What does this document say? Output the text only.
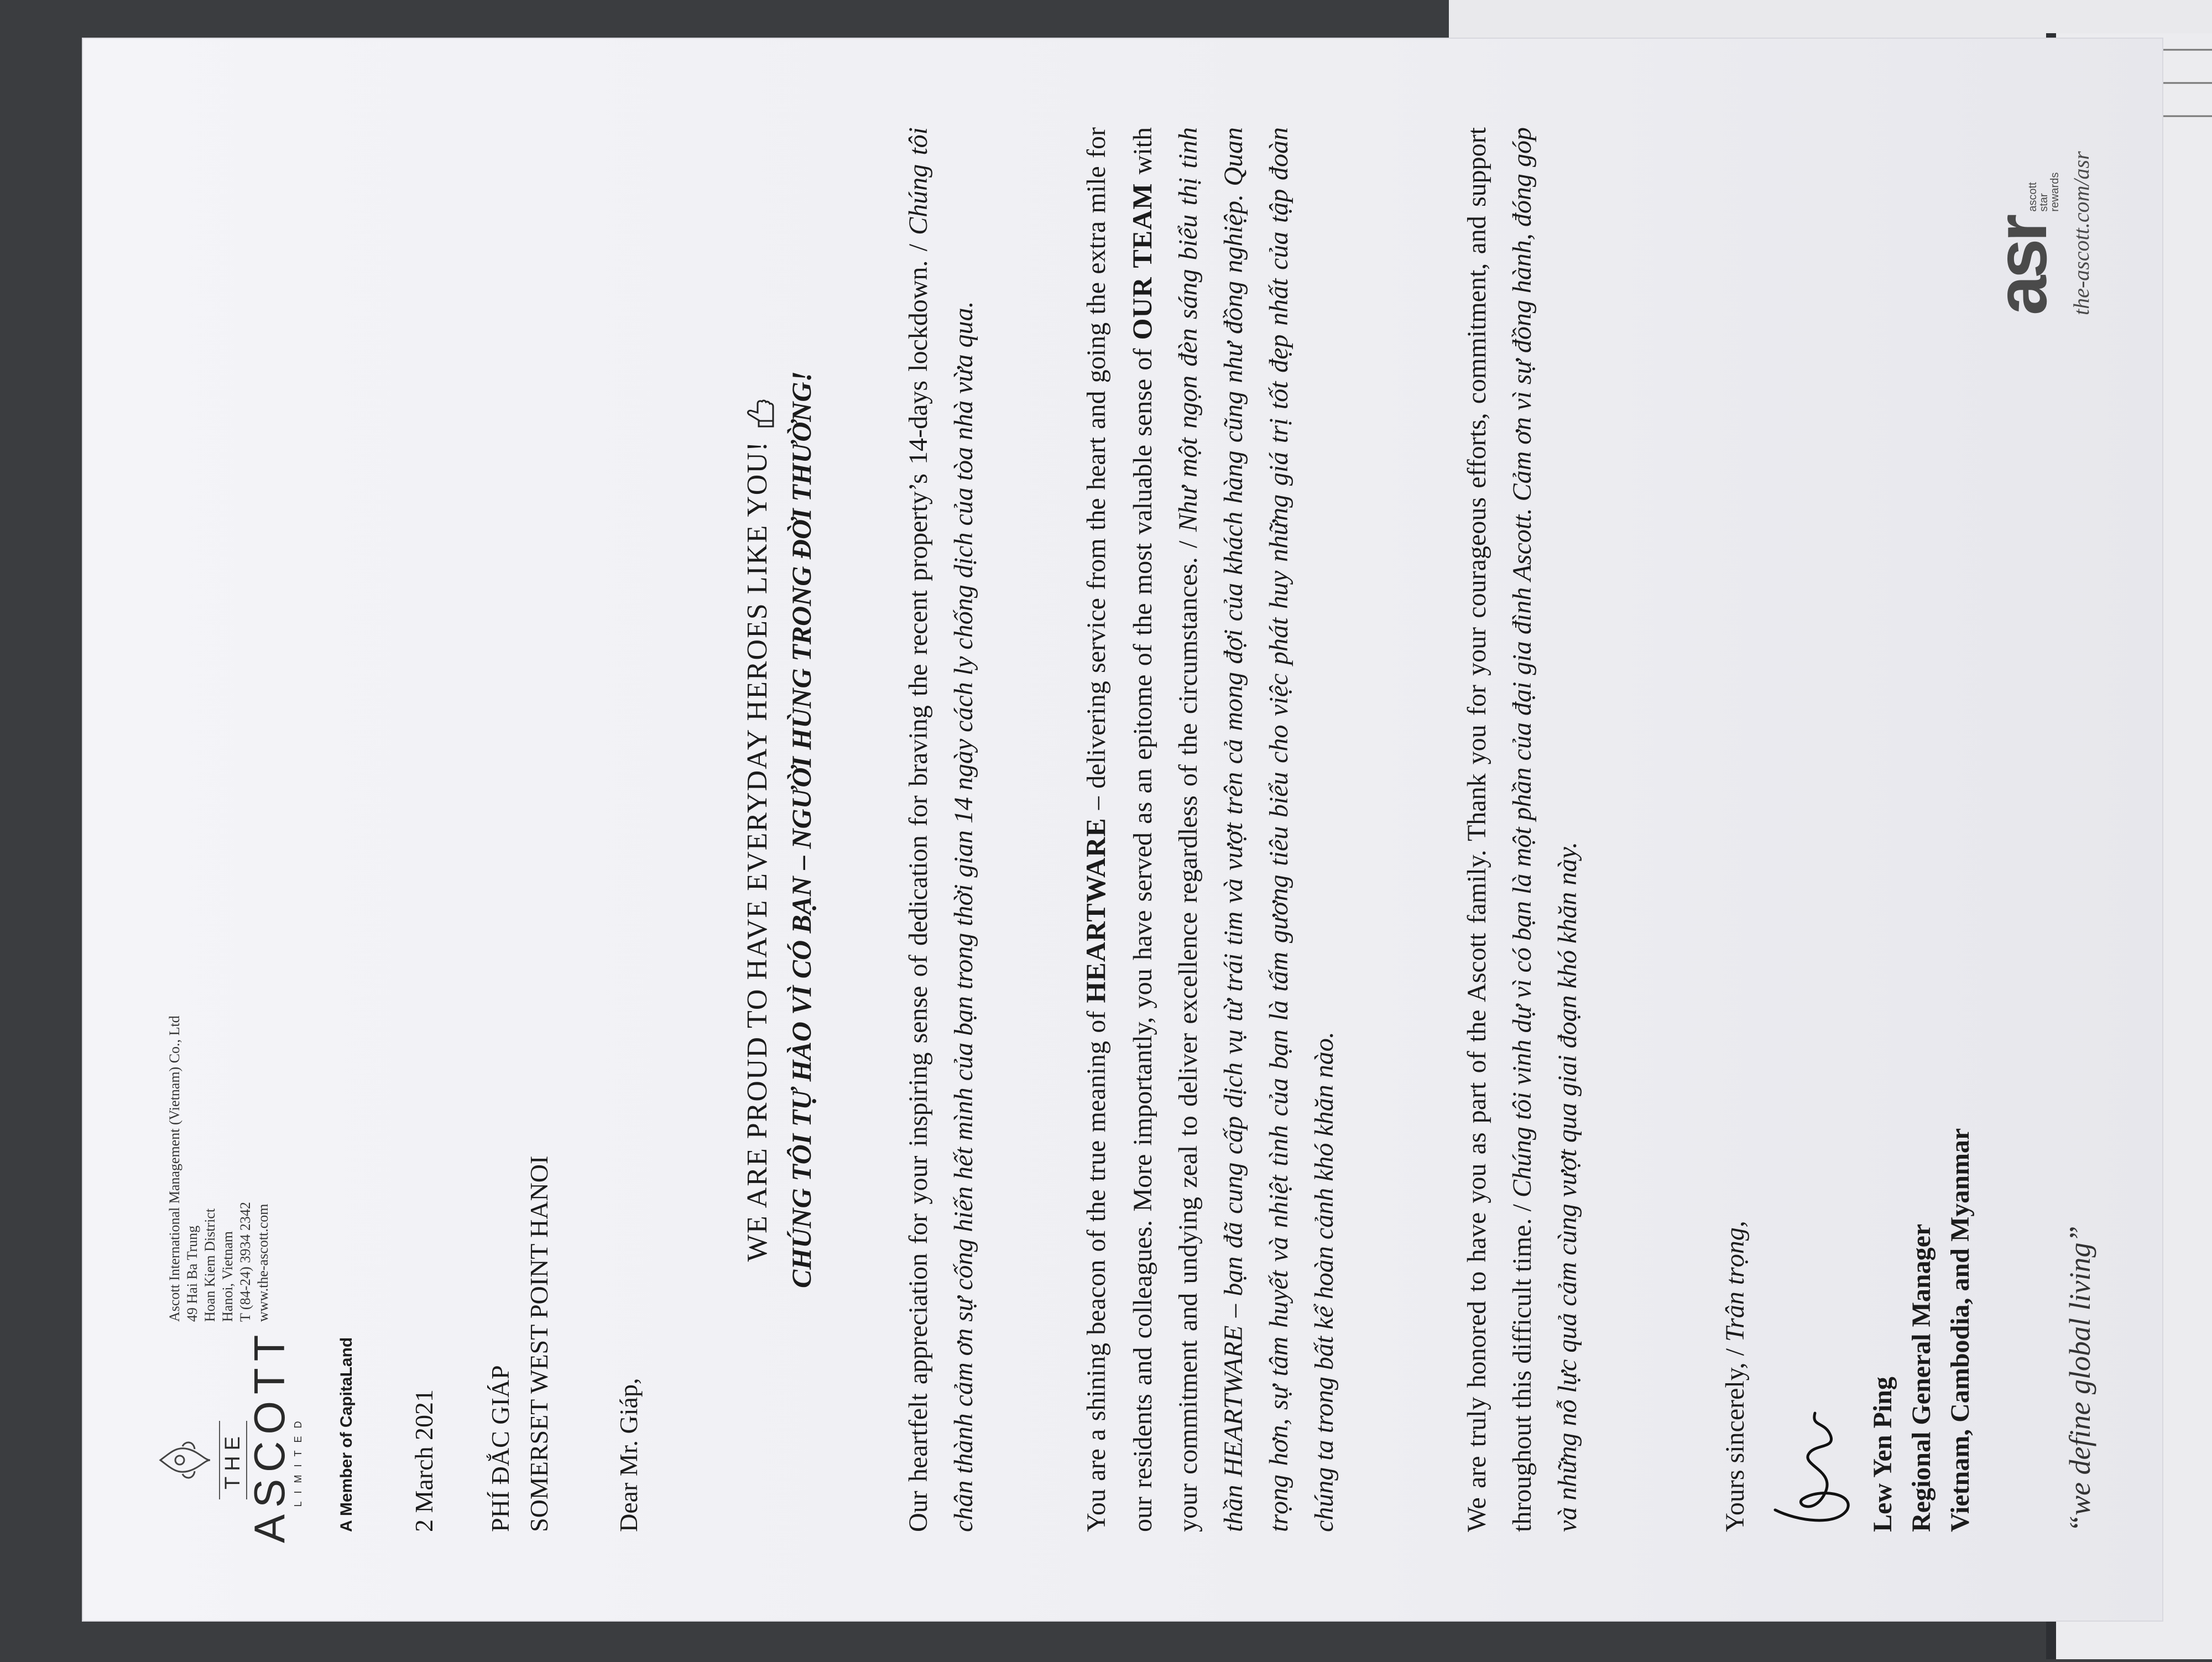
THE ASCOTT
LIMITED A Member of CapitaLand
Ascott International Management (Vietnam) Co., Ltd 49 Hai Ba Trung Hoan Kiem District Hanoi, Vietnam T (84-24) 3934 2342 www.the-ascott.com
2 March 2021 PHÍ ĐẮC GIÁP SOMERSET WEST POINT HANOI Dear Mr. Giáp,
WE ARE PROUD TO HAVE EVERYDAY HEROES LIKE YOU! CHÚNG TÔI TỰ HÀO VÌ CÓ BẠN – NGƯỜI HÙNG TRONG ĐỜI THƯỜNG!	Our heartfelt appreciation for your inspiring sense of dedication for braving the recent property’s 14-days lockdown. / Chúng tôi chân thành cảm ơn sự cống hiến hết mình của bạn trong thời gian 14 ngày cách ly chống dịch của tòa nhà vừa qua.	You are a shining beacon of the true meaning of HEARTWARE – delivering service from the heart and going the extra mile for our residents and colleagues. More importantly, you have served as an epitome of the most valuable sense of OUR TEAM with your commitment and undying zeal to deliver excellence regardless of the circumstances. / Như một ngọn đèn sáng biểu thị tinh thần HEARTWARE – bạn đã cung cấp dịch vụ từ trái tim và vượt trên cả mong đợi của khách hàng cũng như đồng nghiệp. Quan trọng hơn, sự tâm huyết và nhiệt tình của bạn là tấm gương tiêu biểu cho việc phát huy những giá trị tốt đẹp nhất của tập đoàn chúng ta trong bất kể hoàn cảnh khó khăn nào.	We are truly honored to have you as part of the Ascott family. Thank you for your courageous efforts, commitment, and support throughout this difficult time. / Chúng tôi vinh dự vì có bạn là một phần của đại gia đình Ascott. Cảm ơn vì sự đồng hành, đóng góp và những nỗ lực quả cảm cùng vượt qua giai đoạn khó khăn này.	Yours sincerely, / Trân trọng,
Lew Yen Ping Regional General Manager Vietnam, Cambodia, and Myanmar	“we define global living”
asrascott
star
rewards the-ascott.com/asr
